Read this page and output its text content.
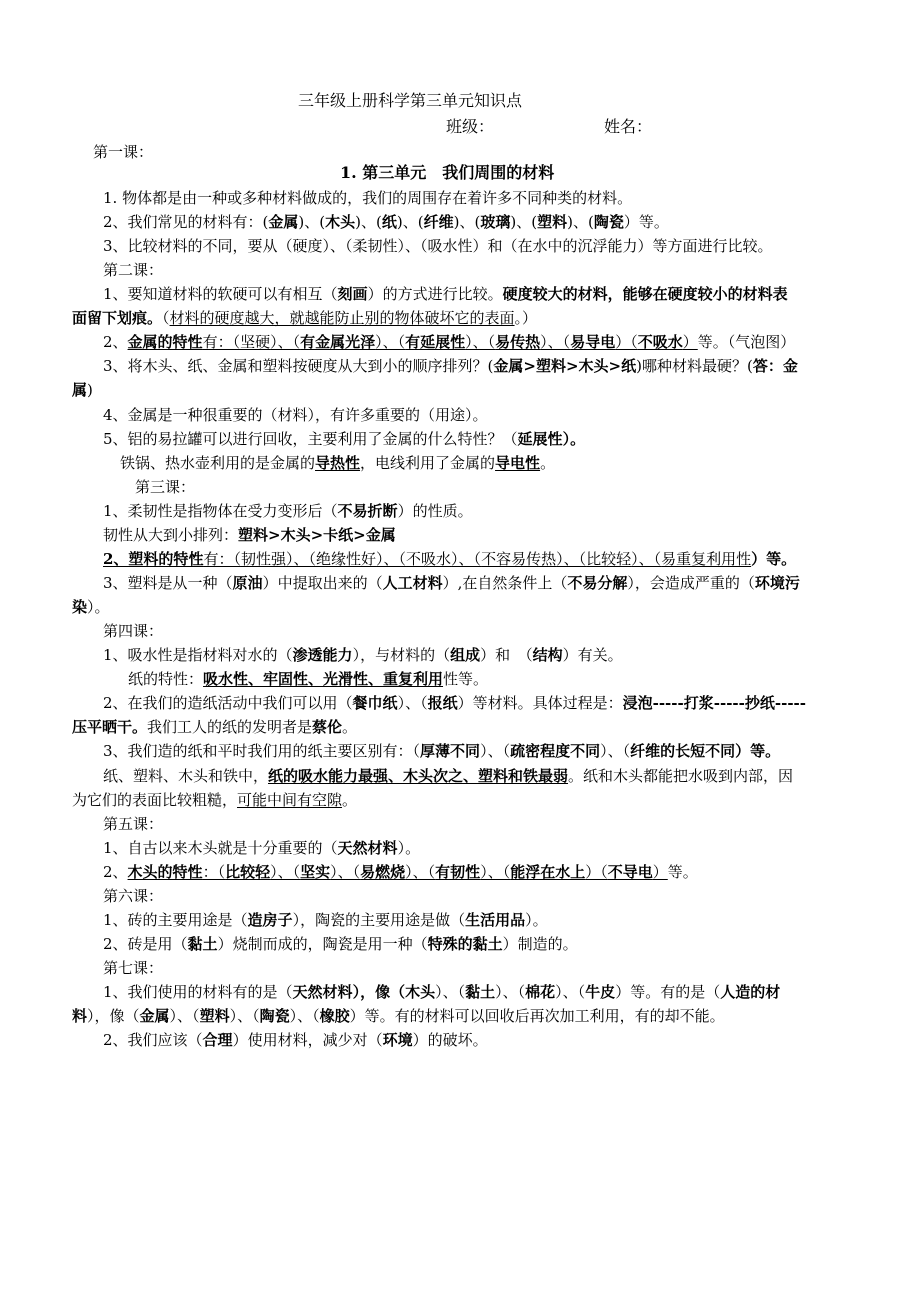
三年级上册科学第三单元知识点
班级：	姓名：
第一课：
1. 第三单元　我们周围的材料
1. 物体都是由一种或多种材料做成的，我们的周围存在着许多不同种类的材料。
2、我们常见的材料有：(金属)、(木头)、(纸)、(纤维)、(玻璃)、(塑料)、(陶瓷）等。
3、比较材料的不同，要从（硬度）、（柔韧性）、（吸水性）和（在水中的沉浮能力）等方面进行比较。
第二课：
1、要知道材料的软硬可以有相互（刻画）的方式进行比较。硬度较大的材料，能够在硬度较小的材料表
面留下划痕。（材料的硬度越大，就越能防止别的物体破坏它的表面。）
2、金属的特性有：（坚硬）、（有金属光泽）、（有延展性）、（易传热）、（易导电）（不吸水）等。（气泡图）
3、将木头、纸、金属和塑料按硬度从大到小的顺序排列？(金属>塑料>木头>纸)哪种材料最硬？(答：金
属)
4、金属是一种很重要的（材料），有许多重要的（用途）。
5、铝的易拉罐可以进行回收，主要利用了金属的什么特性？（延展性）。
铁锅、热水壶利用的是金属的导热性，电线利用了金属的导电性。
第三课：
1、柔韧性是指物体在受力变形后（不易折断）的性质。
韧性从大到小排列：塑料>木头>卡纸>金属
2、塑料的特性有：（韧性强）、（绝缘性好）、（不吸水）、（不容易传热）、（比较轻）、（易重复利用性）等。
3、塑料是从一种（原油）中提取出来的（人工材料）,在自然条件上（不易分解），会造成严重的（环境污
染）。
第四课：
1、吸水性是指材料对水的（渗透能力），与材料的（组成）和　（结构）有关。
纸的特性：吸水性、牢固性、光滑性、重复利用性等。
2、在我们的造纸活动中我们可以用（餐巾纸）、（报纸）等材料。具体过程是：浸泡-----打浆-----抄纸-----
压平晒干。我们工人的纸的发明者是蔡伦。
3、我们造的纸和平时我们用的纸主要区别有：（厚薄不同）、（疏密程度不同）、（纤维的长短不同）等。
纸、塑料、木头和铁中，纸的吸水能力最强、木头次之、塑料和铁最弱。纸和木头都能把水吸到内部，因
为它们的表面比较粗糙，可能中间有空隙。
第五课：
1、自古以来木头就是十分重要的（天然材料）。
2、木头的特性：（比较轻）、（坚实）、（易燃烧）、（有韧性）、（能浮在水上）（不导电）等。
第六课：
1、砖的主要用途是（造房子），陶瓷的主要用途是做（生活用品）。
2、砖是用（黏土）烧制而成的，陶瓷是用一种（特殊的黏土）制造的。
第七课：
1、我们使用的材料有的是（天然材料），像（木头）、（黏土）、（棉花）、（牛皮）等。有的是（人造的材
料），像（金属）、（塑料）、（陶瓷）、（橡胶）等。有的材料可以回收后再次加工利用，有的却不能。
2、我们应该（合理）使用材料，减少对（环境）的破坏。
